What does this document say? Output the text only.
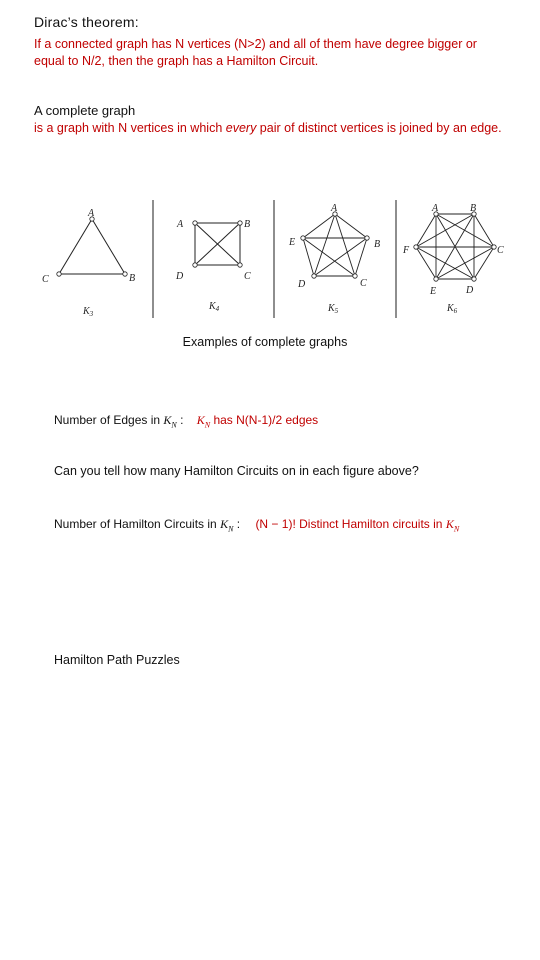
Dirac’s theorem:
If a connected graph has N vertices (N>2) and all of them have degree bigger or equal to N/2, then the graph has a Hamilton Circuit.
A complete graph
is a graph with N vertices in which every pair of distinct vertices is joined by an edge.
A
B
C
$K_3$
A	B
C
D
$K_4$
A
B
C
D
E
$K_5$
A	B
C
D
E
F
$K_6$
Examples of complete graphs
Number of Edges in $K_N$ : $K_N$ has N(N-1)/2 edges
Can you tell how many Hamilton Circuits on in each figure above?
Number of Hamilton Circuits in $K_N$ : (N − 1)! Distinct Hamilton circuits in $K_N$
Hamilton Path Puzzles
